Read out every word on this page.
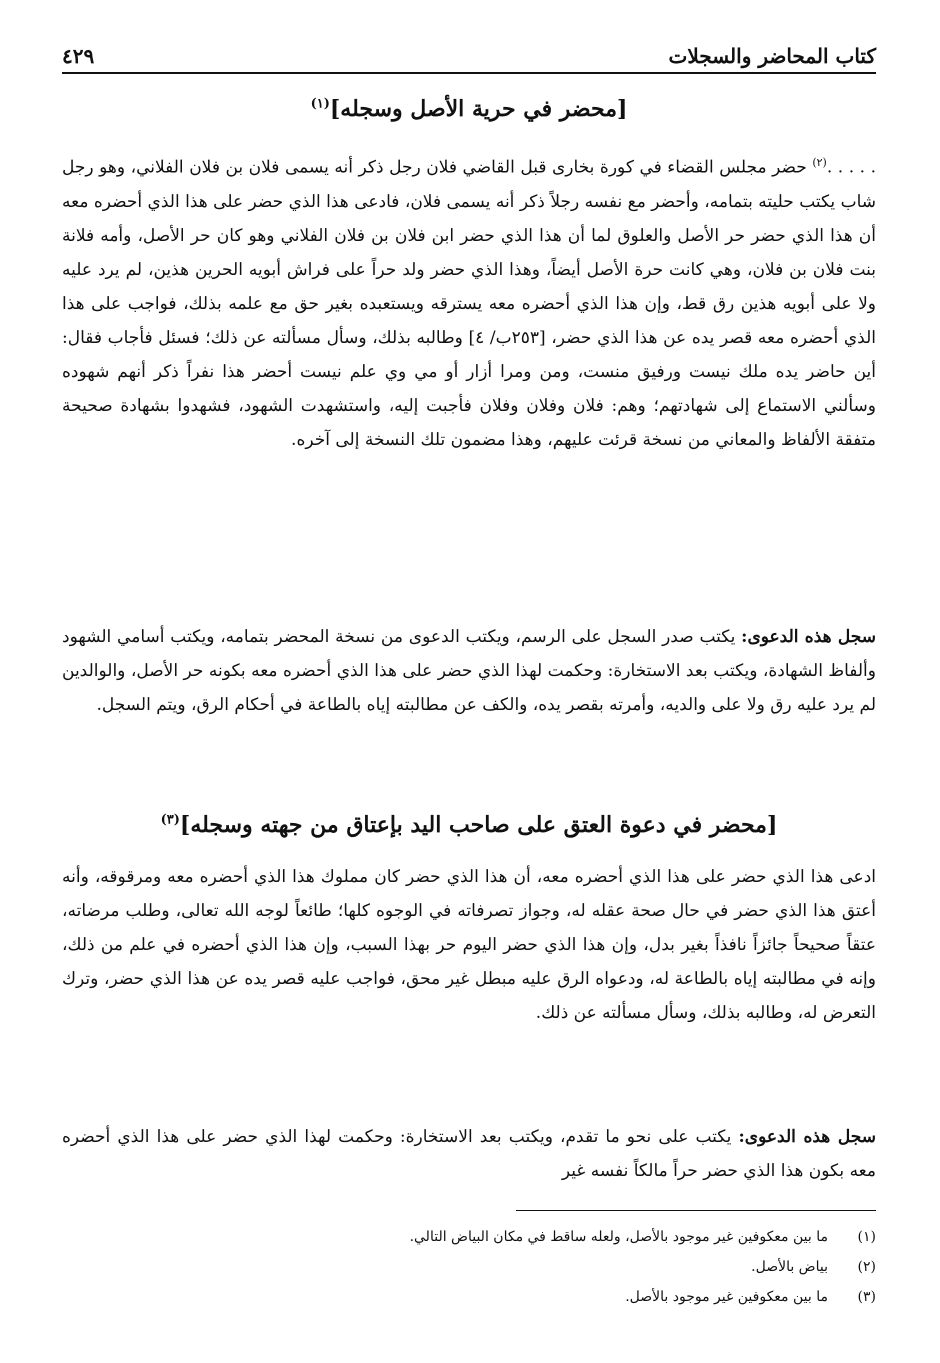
كتاب المحاضر والسجلات
٤٢٩
[محضر في حرية الأصل وسجله]$^{(١)}$

. . . . .$^{(٢)}$ حضر مجلس القضاء في كورة بخارى قبل القاضي فلان رجل ذكر أنه يسمى فلان بن فلان الفلاني، وهو رجل شاب يكتب حليته بتمامه، وأحضر مع نفسه رجلاً ذكر أنه يسمى فلان، فادعى هذا الذي حضر على هذا الذي أحضره معه أن هذا الذي حضر حر الأصل والعلوق لما أن هذا الذي حضر ابن فلان بن فلان الفلاني وهو كان حر الأصل، وأمه فلانة بنت فلان بن فلان، وهي كانت حرة الأصل أيضاً، وهذا الذي حضر ولد حراً على فراش أبويه الحرين هذين، لم يرد عليه ولا على أبويه هذين رق قط، وإن هذا الذي أحضره معه يسترقه ويستعبده بغير حق مع علمه بذلك، فواجب على هذا الذي أحضره معه قصر يده عن هذا الذي حضر، [٢٥٣ب/ ٤] وطالبه بذلك، وسأل مسألته عن ذلك؛ فسئل فأجاب فقال: أين حاضر يده ملك نيست ورفيق منست، ومن ومرا أزار أو مي وي علم نيست أحضر هذا نفراً ذكر أنهم شهوده وسألني الاستماع إلى شهادتهم؛ وهم: فلان وفلان وفلان فأجبت إليه، واستشهدت الشهود، فشهدوا بشهادة صحيحة متفقة الألفاظ والمعاني من نسخة قرئت عليهم، وهذا مضمون تلك النسخة إلى آخره.

سجل هذه الدعوى: يكتب صدر السجل على الرسم، ويكتب الدعوى من نسخة المحضر بتمامه، ويكتب أسامي الشهود وألفاظ الشهادة، ويكتب بعد الاستخارة: وحكمت لهذا الذي حضر على هذا الذي أحضره معه بكونه حر الأصل، والوالدين لم يرد عليه رق ولا على والديه، وأمرته بقصر يده، والكف عن مطالبته إياه بالطاعة في أحكام الرق، ويتم السجل.

[محضر في دعوة العتق على صاحب اليد بإعتاق من جهته وسجله]$^{(٣)}$

ادعى هذا الذي حضر على هذا الذي أحضره معه، أن هذا الذي حضر كان مملوك هذا الذي أحضره معه ومرقوقه، وأنه أعتق هذا الذي حضر في حال صحة عقله له، وجواز تصرفاته في الوجوه كلها؛ طائعاً لوجه الله تعالى، وطلب مرضاته، عتقاً صحيحاً جائزاً نافذاً بغير بدل، وإن هذا الذي حضر اليوم حر بهذا السبب، وإن هذا الذي أحضره في علم من ذلك، وإنه في مطالبته إياه بالطاعة له، ودعواه الرق عليه مبطل غير محق، فواجب عليه قصر يده عن هذا الذي حضر، وترك التعرض له، وطالبه بذلك، وسأل مسألته عن ذلك.

سجل هذه الدعوى: يكتب على نحو ما تقدم، ويكتب بعد الاستخارة: وحكمت لهذا الذي حضر على هذا الذي أحضره معه بكون هذا الذي حضر حراً مالكاً نفسه غير

(١)
ما بين معكوفين غير موجود بالأصل، ولعله ساقط في مكان البياض التالي.
(٢)
بياض بالأصل.
(٣)
ما بين معكوفين غير موجود بالأصل.
